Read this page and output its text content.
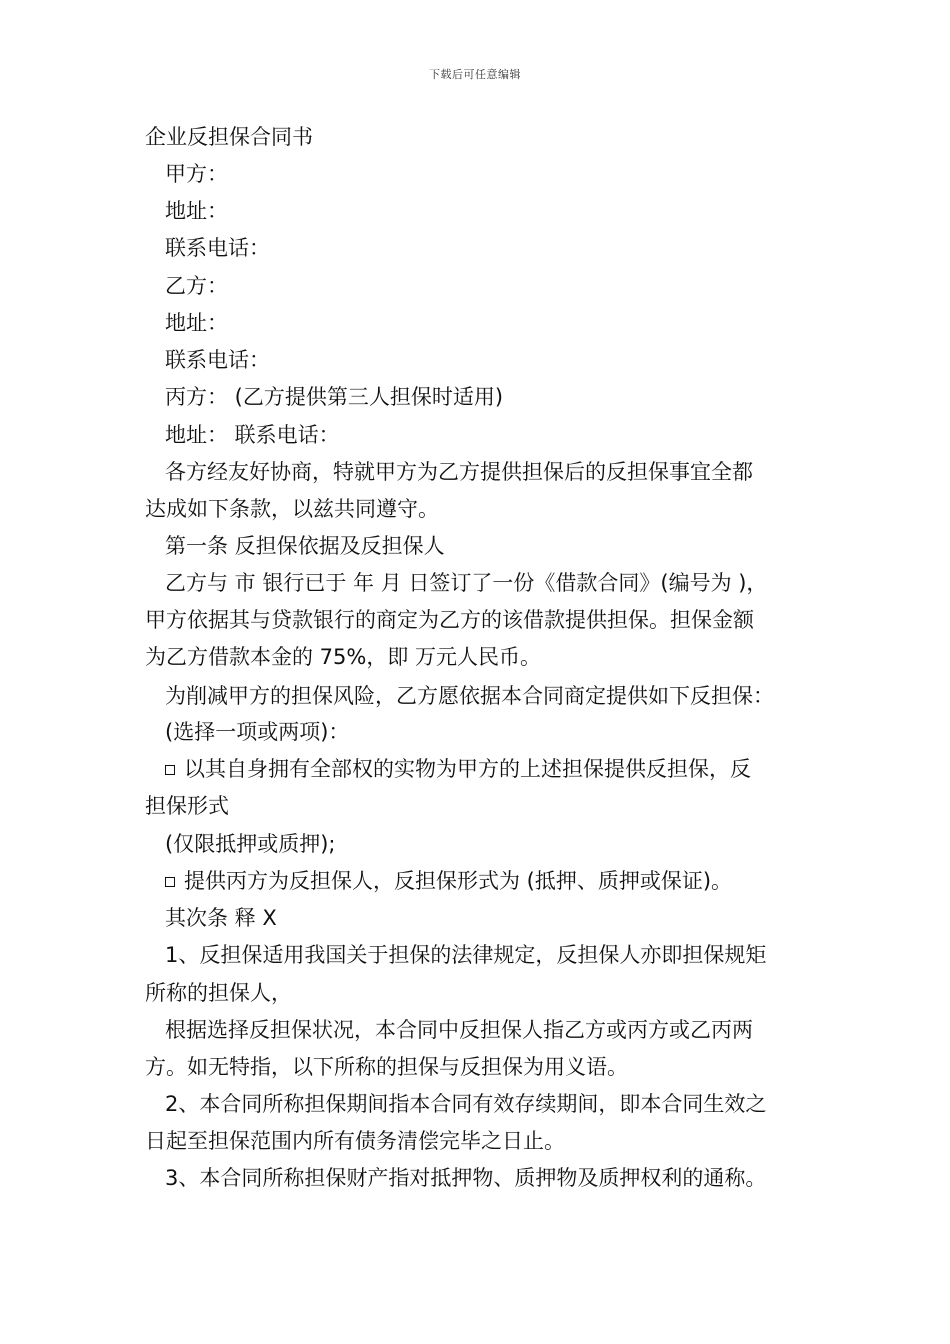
下载后可任意编辑
企业反担保合同书

甲方：

地址：

联系电话：

乙方：

地址：

联系电话：

丙方： (乙方提供第三人担保时适用)

地址： 联系电话：

各方经友好协商，特就甲方为乙方提供担保后的反担保事宜全都

达成如下条款，以兹共同遵守。

第一条 反担保依据及反担保人

乙方与 市 银行已于 年 月 日签订了一份《借款合同》(编号为 )，

甲方依据其与贷款银行的商定为乙方的该借款提供担保。担保金额

为乙方借款本金的 75%，即 万元人民币。

为削减甲方的担保风险，乙方愿依据本合同商定提供如下反担保：

(选择一项或两项)：

以其自身拥有全部权的实物为甲方的上述担保提供反担保，反

担保形式

(仅限抵押或质押);

提供丙方为反担保人，反担保形式为 (抵押、质押或保证)。

其次条 释 X

1、反担保适用我国关于担保的法律规定，反担保人亦即担保规矩

所称的担保人，

根据选择反担保状况，本合同中反担保人指乙方或丙方或乙丙两

方。如无特指，以下所称的担保与反担保为用义语。

2、本合同所称担保期间指本合同有效存续期间，即本合同生效之

日起至担保范围内所有债务清偿完毕之日止。

3、本合同所称担保财产指对抵押物、质押物及质押权利的通称。
